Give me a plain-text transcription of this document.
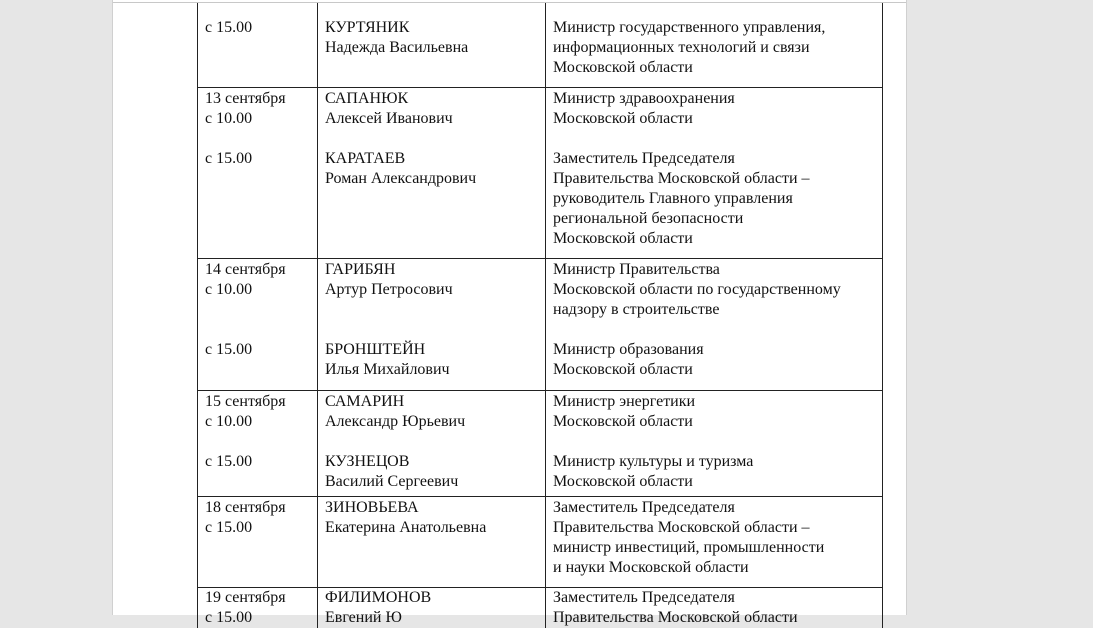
с 15.00	КУРТЯНИК
Надежда Васильевна
Министр государственного управления,
информационных технологий и связи
Московской области
13 сентября
с 10.00
с 15.00
САПАНЮК
Алексей Иванович
КАРАТАЕВ
Роман Александрович
Министр здравоохранения
Московской области
Заместитель Председателя
Правительства Московской области –
руководитель Главного управления
региональной безопасности
Московской области
14 сентября
с 10.00
с 15.00
ГАРИБЯН
Артур Петросович
БРОНШТЕЙН
Илья Михайлович
Министр Правительства
Московской области по государственному
надзору в строительстве
Министр образования
Московской области
15 сентября
с 10.00
с 15.00
САМАРИН
Александр Юрьевич
КУЗНЕЦОВ
Василий Сергеевич
Министр энергетики
Московской области
Министр культуры и туризма
Московской области
18 сентября
с 15.00
ЗИНОВЬЕВА
Екатерина Анатольевна
Заместитель Председателя
Правительства Московской области –
министр инвестиций, промышленности
и науки Московской области
19 сентября
с 15.00
ФИЛИМОНОВ
Евгений Ю
Заместитель Председателя
Правительства Московской области
